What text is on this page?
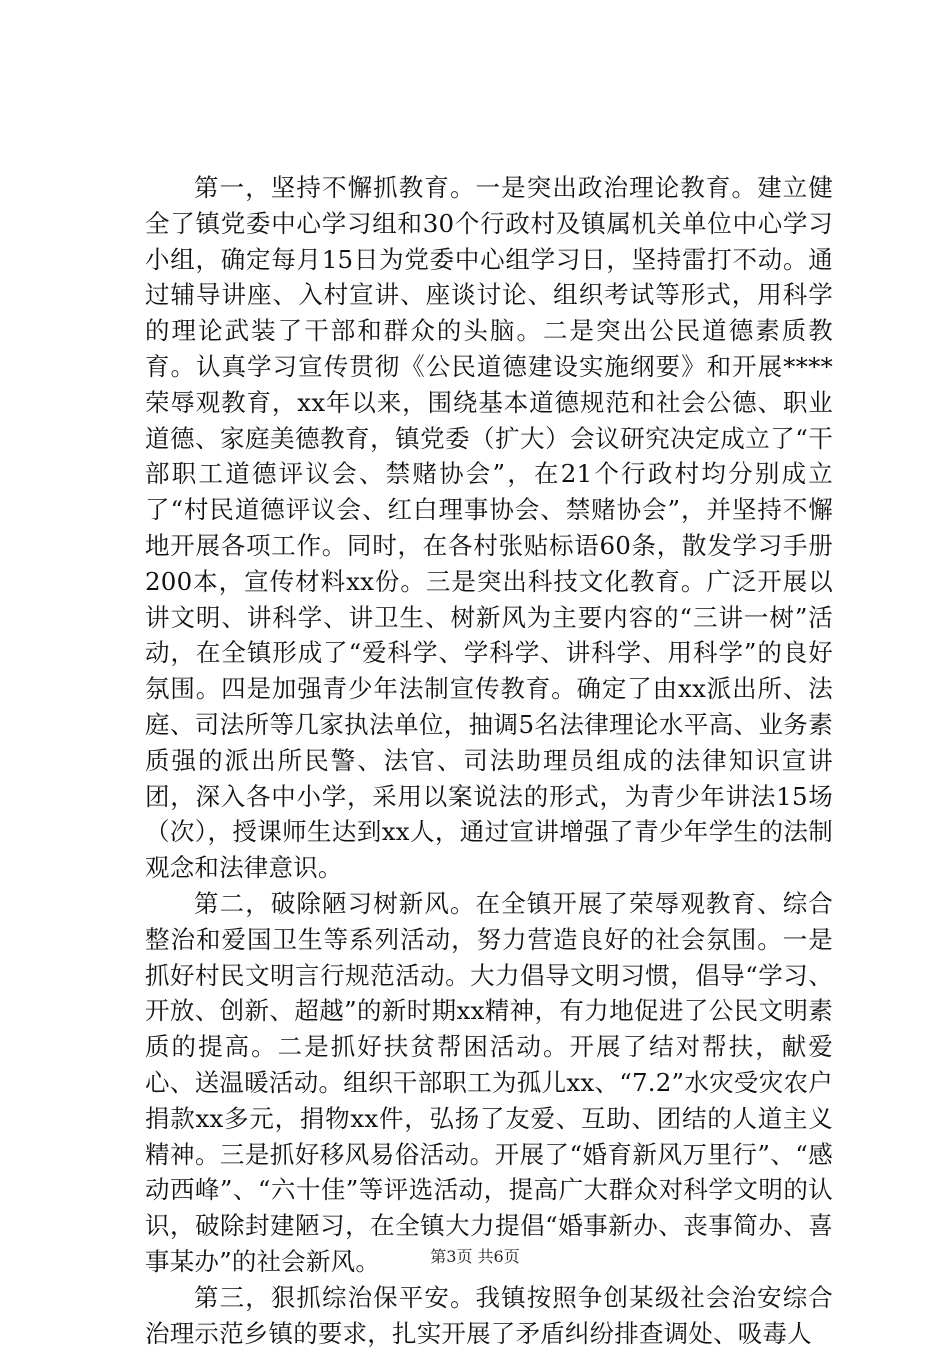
第一，坚持不懈抓教育。一是突出政治理论教育。建立健全了镇党委中心学习组和30个行政村及镇属机关单位中心学习小组，确定每月15日为党委中心组学习日，坚持雷打不动。通过辅导讲座、入村宣讲、座谈讨论、组织考试等形式，用科学的理论武装了干部和群众的头脑。二是突出公民道德素质教育。认真学习宣传贯彻《公民道德建设实施纲要》和开展****荣辱观教育，xx年以来，围绕基本道德规范和社会公德、职业道德、家庭美德教育，镇党委（扩大）会议研究决定成立了“干部职工道德评议会、禁赌协会”，在21个行政村均分别成立了“村民道德评议会、红白理事协会、禁赌协会”，并坚持不懈地开展各项工作。同时，在各村张贴标语60条，散发学习手册200本，宣传材料xx份。三是突出科技文化教育。广泛开展以讲文明、讲科学、讲卫生、树新风为主要内容的“三讲一树”活动，在全镇形成了“爱科学、学科学、讲科学、用科学”的良好氛围。四是加强青少年法制宣传教育。确定了由xx派出所、法庭、司法所等几家执法单位，抽调5名法律理论水平高、业务素质强的派出所民警、法官、司法助理员组成的法律知识宣讲团，深入各中小学，采用以案说法的形式，为青少年讲法15场（次），授课师生达到xx人，通过宣讲增强了青少年学生的法制观念和法律意识。

第二，破除陋习树新风。在全镇开展了荣辱观教育、综合整治和爱国卫生等系列活动，努力营造良好的社会氛围。一是抓好村民文明言行规范活动。大力倡导文明习惯，倡导“学习、开放、创新、超越”的新时期xx精神，有力地促进了公民文明素质的提高。二是抓好扶贫帮困活动。开展了结对帮扶，献爱心、送温暖活动。组织干部职工为孤儿xx、“7.2”水灾受灾农户捐款xx多元，捐物xx件，弘扬了友爱、互助、团结的人道主义精神。三是抓好移风易俗活动。开展了“婚育新风万里行”、“感动西峰”、“六十佳”等评选活动，提高广大群众对科学文明的认识，破除封建陋习，在全镇大力提倡“婚事新办、丧事简办、喜事某办”的社会新风。

第三，狠抓综治保平安。我镇按照争创某级社会治安综合治理示范乡镇的要求，扎实开展了矛盾纠纷排查调处、吸毒人

第3页 共6页
